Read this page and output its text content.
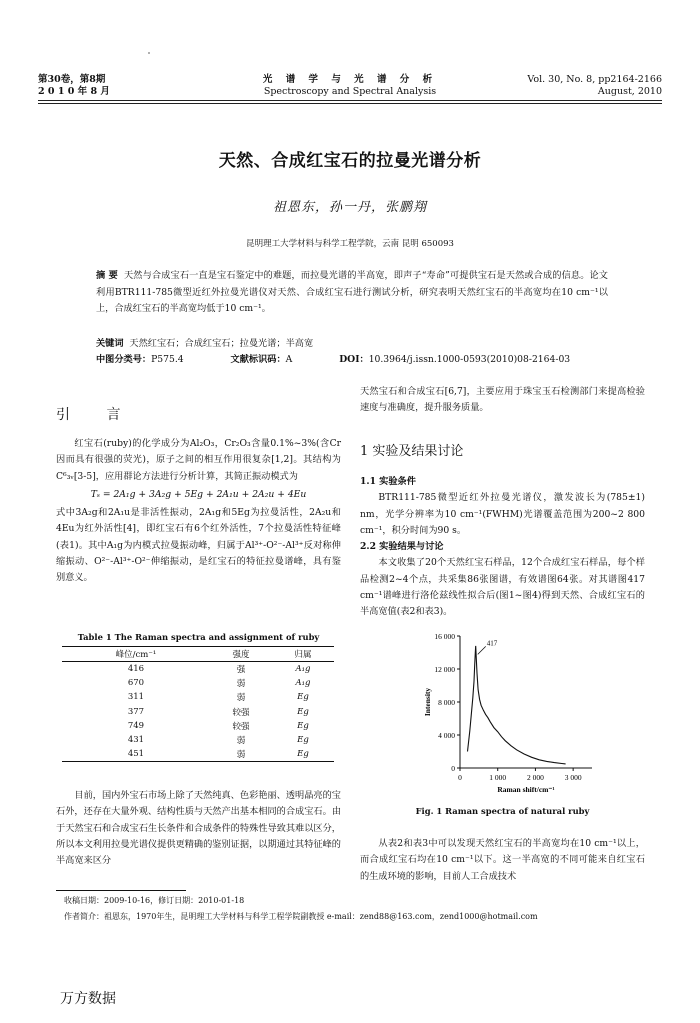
第30卷，第8期
2 0 1 0 年 8 月
光 谱 学 与 光 谱 分 析
Spectroscopy and Spectral Analysis
Vol. 30, No. 8, pp2164-2166
August, 2010
天然、合成红宝石的拉曼光谱分析
祖恩东，孙一丹，张鹏翔
昆明理工大学材料与科学工程学院，云南 昆明 650093
摘 要 天然与合成宝石一直是宝石鉴定中的难题，而拉曼光谱的半高宽，即声子“寿命”可提供宝石是天然或合成的信息。论文利用BTR111-785微型近红外拉曼光谱仪对天然、合成红宝石进行测试分析，研究表明天然红宝石的半高宽均在10 cm⁻¹以上，合成红宝石的半高宽均低于10 cm⁻¹。
关键词 天然红宝石；合成红宝石；拉曼光谱；半高宽
中图分类号：P575.4	文献标识码：A	DOI：10.3964/j.issn.1000-0593(2010)08-2164-03
引 言
红宝石(ruby)的化学成分为Al₂O₃，Cr₂O₃含量0.1%~3%(含Cr因而具有很强的荧光)，原子之间的相互作用很复杂[1,2]。其结构为C⁶₃ᵥ[3-5]，应用群论方法进行分析计算，其简正振动模式为
Tₛ = 2A₁g + 3A₂g + 5Eg + 2A₁u + 2A₂u + 4Eu
式中3A₂g和2A₁u是非活性振动，2A₁g和5Eg为拉曼活性，2A₂u和4Eu为红外活性[4]，即红宝石有6个红外活性，7个拉曼活性特征峰(表1)。其中A₁g为内模式拉曼振动峰，归属于Al³⁺-O²⁻-Al³⁺反对称伸缩振动、O²⁻-Al³⁺-O²⁻伸缩振动，是红宝石的特征拉曼谱峰，具有鉴别意义。
Table 1 The Raman spectra and assignment of ruby
峰位/cm⁻¹	强度	归属
416	强	A₁g
670	弱	A₁g
311	弱	Eg
377	较强	Eg
749	较强	Eg
431	弱	Eg
451	弱	Eg
目前，国内外宝石市场上除了天然纯真、色彩艳丽、透明晶亮的宝石外，还存在大量外观、结构性质与天然产出基本相同的合成宝石。由于天然宝石和合成宝石生长条件和合成条件的特殊性导致其难以区分，所以本文利用拉曼光谱仪提供更精确的鉴别证据，以期通过其特征峰的半高宽来区分
天然宝石和合成宝石[6,7]，主要应用于珠宝玉石检测部门来提高检验速度与准确度，提升服务质量。
1 实验及结果讨论
1.1 实验条件
BTR111-785微型近红外拉曼光谱仪，激发波长为(785±1) nm，光学分辨率为10 cm⁻¹(FWHM)光谱覆盖范围为200~2 800 cm⁻¹，积分时间为90 s。
2.2 实验结果与讨论
本文收集了20个天然红宝石样品，12个合成红宝石样品，每个样品检测2~4个点，共采集86张图谱，有效谱图64张。对其谱图417 cm⁻¹谱峰进行洛伦兹线性拟合后(图1~图4)得到天然、合成红宝石的半高宽值(表2和表3)。
0
4 000
8 000
12 000
16 000
0	1 000	2 000	3 000
Raman shift/cm⁻¹
Intensity
417
Fig. 1 Raman spectra of natural ruby
从表2和表3中可以发现天然红宝石的半高宽均在10 cm⁻¹以上，而合成红宝石均在10 cm⁻¹以下。这一半高宽的不同可能来自红宝石的生成环境的影响，目前人工合成技术
收稿日期：2009-10-16，修订日期：2010-01-18
作者简介：祖恩东，1970年生，昆明理工大学材料与科学工程学院副教授 e-mail：zend88@163.com，zend1000@hotmail.com
万方数据
